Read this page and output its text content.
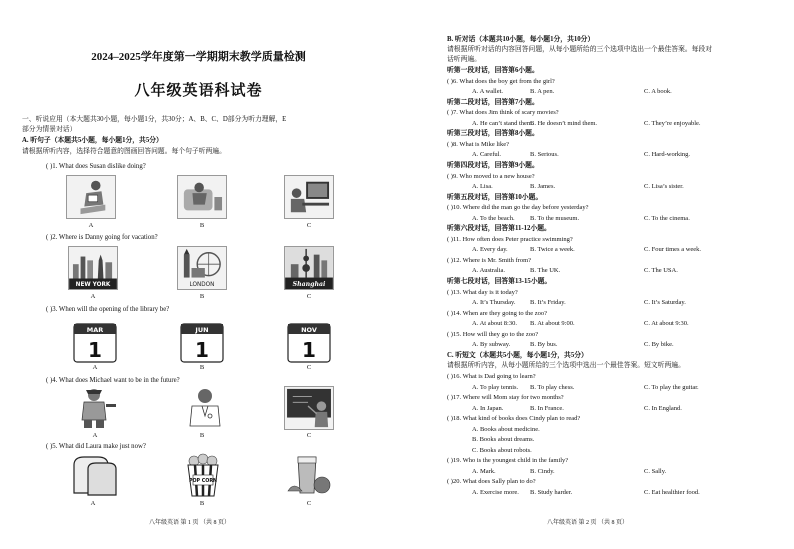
2024–2025学年度第一学期期末教学质量检测
八年级英语科试卷
一、听说应用（本大题共30小题，每小题1分，共30分；A、B、C、D部分为听力理解，E
部分为情景对话）
A. 听句子（本题共5小题，每小题1分，共5分）
请根据所听内容，选择符合题意的图画回答问题。每个句子听两遍。
( )1. What does Susan dislike doing?
A	B	C
( )2. Where is Danny going for vacation?
NEW YORK	LONDON	Shanghai
A	B	C
( )3. When will the opening of the library be?
MAR
1
JUN
1
NOV
1
A	B	C
( )4. What does Michael want to be in the future?
A	B	C
( )5. What did Laura make just now?
POP CORN
A	B	C
八年级英语 第 1 页 （共 8 页）
B. 听对话（本题共10小题，每小题1分，共10分）
请根据所听对话的内容回答问题，从每小题所给的三个选项中选出一个最佳答案。每段对
话听两遍。
听第一段对话，回答第6小题。
( )6. What does the boy get from the girl?
A. A wallet.	B. A pen.	C. A book.
听第二段对话，回答第7小题。
( )7. What does Jim think of scary movies?
A. He can’t stand them.
B. He doesn’t mind them.	C. They’re enjoyable.
听第三段对话，回答第8小题。
( )8. What is Mike like?
A. Careful.	B. Serious.	C. Hard-working.
听第四段对话，回答第9小题。
( )9. Who moved to a new house?
A. Lisa.	B. James.	C. Lisa’s sister.
听第五段对话，回答第10小题。
( )10. Where did the man go the day before yesterday?
A. To the beach. B. To the museum.	C. To the cinema.
听第六段对话，回答第11-12小题。
( )11. How often does Peter practice swimming?
A. Every day.	B. Twice a week.	C. Four times a week.
( )12. Where is Mr. Smith from?
A. Australia.	B. The UK.	C. The USA.
听第七段对话，回答第13-15小题。
( )13. What day is it today?
A. It’s Thursday. B. It’s Friday.	C. It’s Saturday.
( )14. When are they going to the zoo?
A. At about 8:30. B. At about 9:00.	C. At about 9:30.
( )15. How will they go to the zoo?
A. By subway.	B. By bus.	C. By bike.
C. 听短文（本题共5小题，每小题1分，共5分）
请根据所听内容，从每小题所给的三个选项中选出一个最佳答案。短文听两遍。
( )16. What is Dad going to learn?
A. To play tennis. B. To play chess.	C. To play the guitar.
( )17. Where will Mom stay for two months?
A. In Japan.	B. In France.	C. In England.
( )18. What kind of books does Cindy plan to read?
A. Books about medicine.
B. Books about dreams.
C. Books about robots.
( )19. Who is the youngest child in the family?
A. Mark.	B. Cindy.	C. Sally.
( )20. What does Sally plan to do?
A. Exercise more. B. Study harder.	C. Eat healthier food.
八年级英语 第 2 页 （共 8 页）
